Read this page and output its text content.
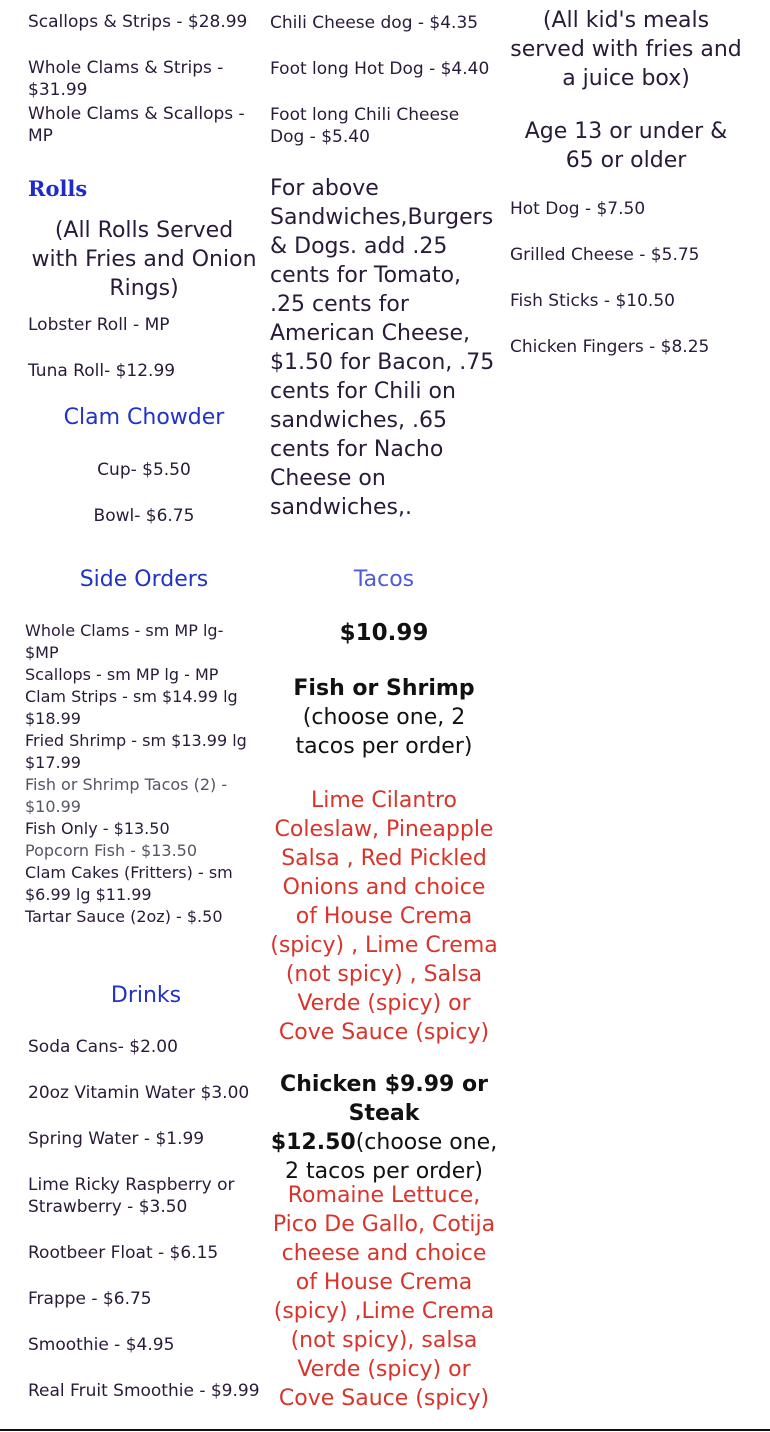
Scallops & Strips - $28.99
Whole Clams & Strips - $31.99
Whole Clams & Scallops - MP
Rolls
(All Rolls Served with Fries and Onion Rings)
Lobster Roll - MP
Tuna Roll- $12.99
Clam Chowder
Cup- $5.50
Bowl- $6.75
Chili Cheese dog - $4.35
Foot long Hot Dog - $4.40
Foot long Chili Cheese Dog - $5.40
For above Sandwiches,Burgers & Dogs. add .25 cents for Tomato, .25 cents for American Cheese, $1.50 for Bacon, .75 cents for Chili on sandwiches, .65 cents for Nacho Cheese on sandwiches,.
(All kid's meals served with fries and a juice box)
Age 13 or under & 65 or older
Hot Dog - $7.50
Grilled Cheese - $5.75
Fish Sticks - $10.50
Chicken Fingers - $8.25
Side Orders
Whole Clams - sm MP lg- $MP
Scallops - sm MP lg - MP
Clam Strips - sm $14.99 lg $18.99
Fried Shrimp - sm $13.99 lg $17.99
Fish or Shrimp Tacos (2) - $10.99
Fish Only - $13.50
Popcorn Fish - $13.50
Clam Cakes (Fritters) - sm $6.99 lg $11.99
Tartar Sauce (2oz) - $.50
Drinks
Soda Cans- $2.00
20oz Vitamin Water $3.00
Spring Water - $1.99
Lime Ricky Raspberry or Strawberry - $3.50
Rootbeer Float - $6.15
Frappe - $6.75
Smoothie - $4.95
Real Fruit Smoothie - $9.99
Tacos
$10.99
Fish or Shrimp
(choose one, 2 tacos per order)
Lime Cilantro Coleslaw, Pineapple Salsa , Red Pickled Onions and choice of House Crema (spicy) , Lime Crema (not spicy) , Salsa Verde (spicy) or Cove Sauce (spicy)
Chicken $9.99 or Steak $12.50(choose one, 2 tacos per order)
Romaine Lettuce, Pico De Gallo, Cotija cheese and choice of House Crema (spicy) ,Lime Crema (not spicy), salsa Verde (spicy) or Cove Sauce (spicy)
